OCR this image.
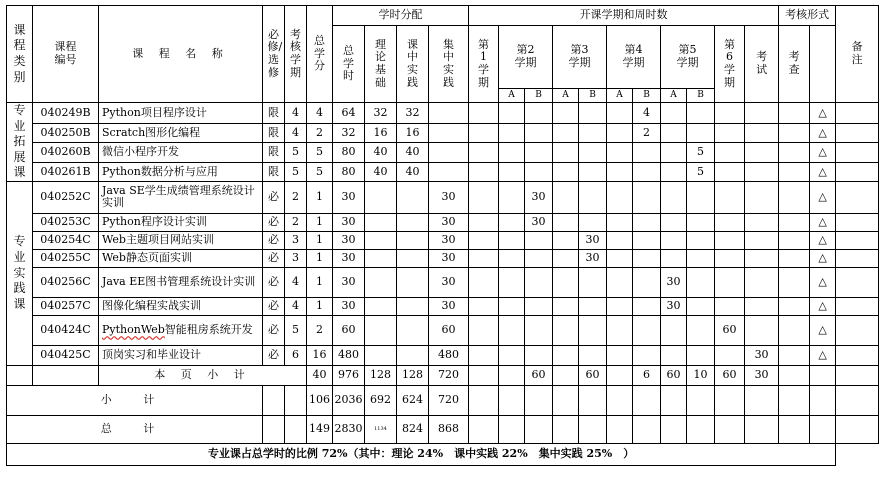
课程类别	课程编号	课 程 名 称	必修/选修	考核学期	总学分	学时分配				开课学期和周时数											考核形式		备注
						总学时	理论基础	课中实践	集中实践	第1学期	第2学期		第3学期		第4学期		第5学期		第6学期	考试	考查		
											A	B	A	B	A	B	A	B					
专业拓展课	040249B	Python项目程序设计	限	4	4	64	32	32								4						△	
	040250B	Scratch图形化编程	限	4	2	32	16	16								2						△	
	040260B	微信小程序开发	限	5	5	80	40	40										5				△	
	040261B	Python数据分析与应用	限	5	5	80	40	40										5				△	
专业实践课	040252C	Java SE学生成绩管理系统设计实训	必	2	1	30			30			30										△	
	040253C	Python程序设计实训	必	2	1	30			30			30										△	
	040254C	Web主题项目网站实训	必	3	1	30			30					30								△	
	040255C	Web静态页面实训	必	3	1	30			30					30								△	
	040256C	Java EE图书管理系统设计实训	必	4	1	30			30								30					△	
	040257C	图像化编程实战实训	必	4	1	30			30								30					△	
	040424C	PythonWeb智能租房系统开发	必	5	2	60			60										60			△	
	040425C	顶岗实习和毕业设计	必	6	16	480			480											30		△	
		本 页 小 计			40	976	128	128	720			60		60		6	60	10	60	30			
小 计					106	2036	692	624	720														
总 计					149	2830	1134	824	868														
专业课占总学时的比例 72%（其中：理论 24%　课中实践 22%　集中实践 25%　）																							
